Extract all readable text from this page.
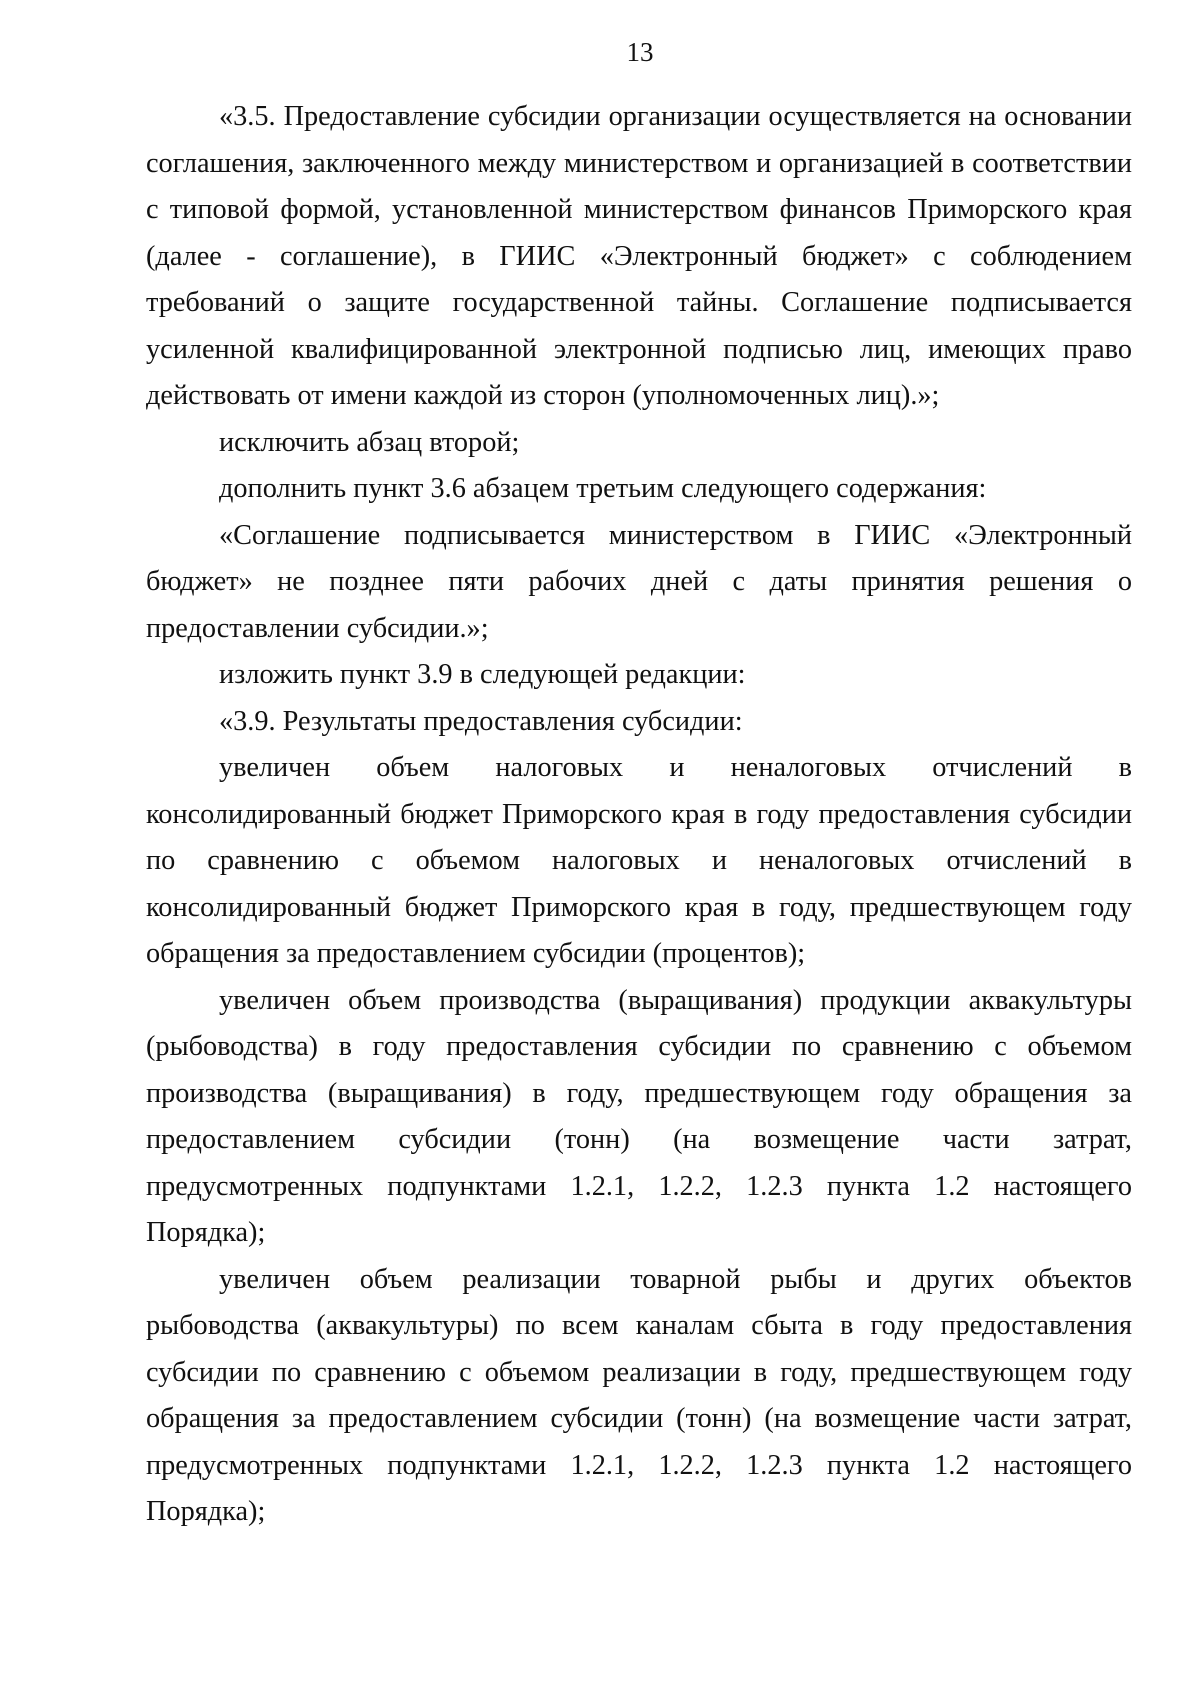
13

«3.5. Предоставление субсидии организации осуществляется на основании соглашения, заключенного между министерством и организацией в соответствии с типовой формой, установленной министерством финансов Приморского края (далее - соглашение), в ГИИС «Электронный бюджет» с соблюдением требований о защите государственной тайны. Соглашение подписывается усиленной квалифицированной электронной подписью лиц, имеющих право действовать от имени каждой из сторон (уполномоченных лиц).»;

исключить абзац второй;

дополнить пункт 3.6 абзацем третьим следующего содержания:

«Соглашение подписывается министерством в ГИИС «Электронный бюджет» не позднее пяти рабочих дней с даты принятия решения о предоставлении субсидии.»;

изложить пункт 3.9 в следующей редакции:

«3.9. Результаты предоставления субсидии:

увеличен объем налоговых и неналоговых отчислений в консолидированный бюджет Приморского края в году предоставления субсидии по сравнению с объемом налоговых и неналоговых отчислений в консолидированный бюджет Приморского края в году, предшествующем году обращения за предоставлением субсидии (процентов);

увеличен объем производства (выращивания) продукции аквакультуры (рыбоводства) в году предоставления субсидии по сравнению с объемом производства (выращивания) в году, предшествующем году обращения за предоставлением субсидии (тонн) (на возмещение части затрат, предусмотренных подпунктами 1.2.1, 1.2.2, 1.2.3 пункта 1.2 настоящего Порядка);

увеличен объем реализации товарной рыбы и других объектов рыбоводства (аквакультуры) по всем каналам сбыта в году предоставления субсидии по сравнению с объемом реализации в году, предшествующем году обращения за предоставлением субсидии (тонн) (на возмещение части затрат, предусмотренных подпунктами 1.2.1, 1.2.2, 1.2.3 пункта 1.2 настоящего Порядка);
